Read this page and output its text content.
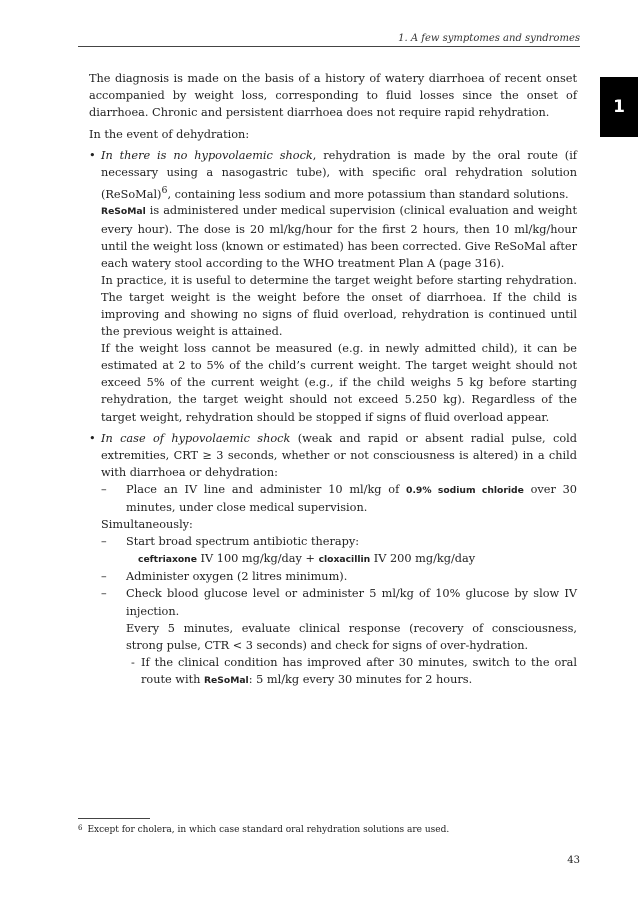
1. A few symptomes and syndromes
1

The diagnosis is made on the basis of a history of watery diarrhoea of recent onset accompanied by weight loss, corresponding to fluid losses since the onset of diarrhoea. Chronic and persistent diarrhoea does not require rapid rehydration.

In the event of dehydration:

• In there is no hypovolaemic shock, rehydration is made by the oral route (if necessary using a nasogastric tube), with specific oral rehydration solution (ReSoMal)$^6$, containing less sodium and more potassium than standard solutions.

ReSoMal is administered under medical supervision (clinical evaluation and weight every hour). The dose is 20 ml/kg/hour for the first 2 hours, then 10 ml/kg/hour until the weight loss (known or estimated) has been corrected. Give ReSoMal after each watery stool according to the WHO treatment Plan A (page 316).

In practice, it is useful to determine the target weight before starting rehydration. The target weight is the weight before the onset of diarrhoea. If the child is improving and showing no signs of fluid overload, rehydration is continued until the previous weight is attained.

If the weight loss cannot be measured (e.g. in newly admitted child), it can be estimated at 2 to 5% of the child’s current weight. The target weight should not exceed 5% of the current weight (e.g., if the child weighs 5 kg before starting rehydration, the target weight should not exceed 5.250 kg). Regardless of the target weight, rehydration should be stopped if signs of fluid overload appear.

• In case of hypovolaemic shock (weak and rapid or absent radial pulse, cold extremities, CRT ≥ 3 seconds, whether or not consciousness is altered) in a child with diarrhoea or dehydration:

– Place an IV line and administer 10 ml/kg of 0.9% sodium chloride over 30 minutes, under close medical supervision.

Simultaneously:

– Start broad spectrum antibiotic therapy:
ceftriaxone IV 100 mg/kg/day + cloxacillin IV 200 mg/kg/day
– Administer oxygen (2 litres minimum).
– Check blood glucose level or administer 5 ml/kg of 10% glucose by slow IV injection.

Every 5 minutes, evaluate clinical response (recovery of consciousness, strong pulse, CTR < 3 seconds) and check for signs of over-hydration.

- If the clinical condition has improved after 30 minutes, switch to the oral route with ReSoMal: 5 ml/kg every 30 minutes for 2 hours.
$^6$ Except for cholera, in which case standard oral rehydration solutions are used.
43
